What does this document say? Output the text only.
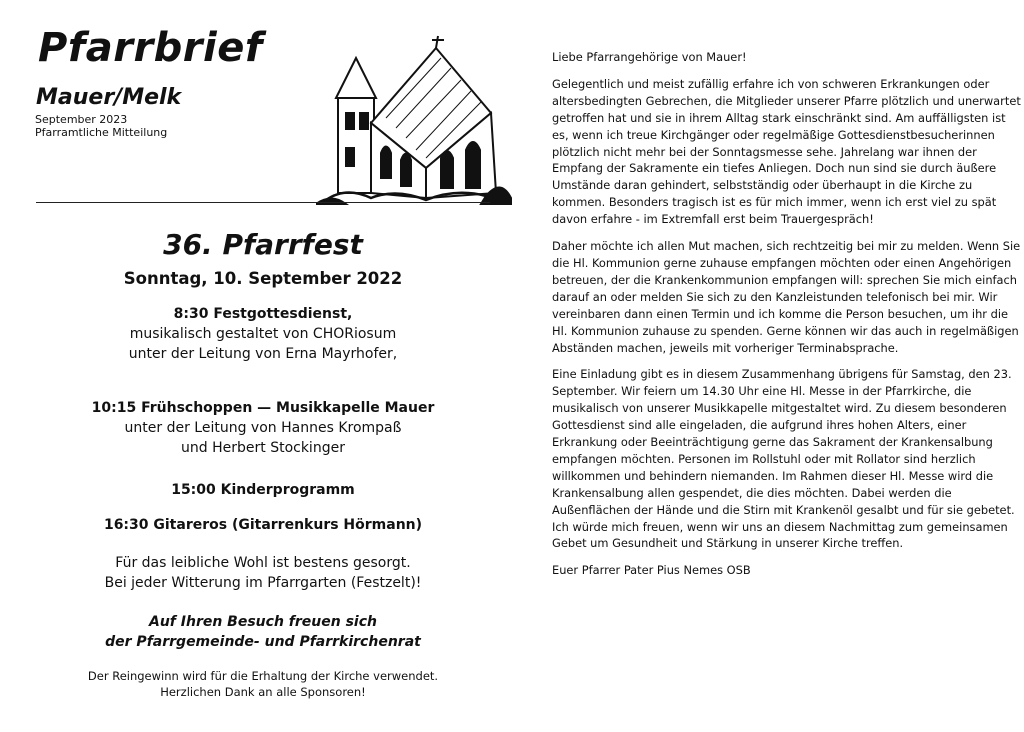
Pfarrbrief
Mauer/Melk
September 2023
Pfarramtliche Mitteilung
36. Pfarrfest
Sonntag, 10. September 2022
8:30 Festgottesdienst,
musikalisch gestaltet von CHORiosum
unter der Leitung von Erna Mayrhofer,
10:15 Frühschoppen — Musikkapelle Mauer
unter der Leitung von Hannes Krompaß
und Herbert Stockinger
15:00 Kinderprogramm
16:30 Gitareros (Gitarrenkurs Hörmann)
Für das leibliche Wohl ist bestens gesorgt.
Bei jeder Witterung im Pfarrgarten (Festzelt)!
Auf Ihren Besuch freuen sich
der Pfarrgemeinde- und Pfarrkirchenrat
Der Reingewinn wird für die Erhaltung der Kirche verwendet.
Herzlichen Dank an alle Sponsoren!

Liebe Pfarrangehörige von Mauer!

Gelegentlich und meist zufällig erfahre ich von schweren Erkrankungen oder altersbedingten Gebrechen, die Mitglieder unserer Pfarre plötzlich und unerwartet getroffen hat und sie in ihrem Alltag stark einschränkt sind. Am auffälligsten ist es, wenn ich treue Kirchgänger oder regelmäßige Gottesdienstbesucherinnen plötzlich nicht mehr bei der Sonntagsmesse sehe. Jahrelang war ihnen der Empfang der Sakramente ein tiefes Anliegen. Doch nun sind sie durch äußere Umstände daran gehindert, selbstständig oder überhaupt in die Kirche zu kommen. Besonders tragisch ist es für mich immer, wenn ich erst viel zu spät davon erfahre - im Extremfall erst beim Trauergespräch!

Daher möchte ich allen Mut machen, sich rechtzeitig bei mir zu melden. Wenn Sie die Hl. Kommunion gerne zuhause empfangen möchten oder einen Angehörigen betreuen, der die Krankenkommunion empfangen will: sprechen Sie mich einfach darauf an oder melden Sie sich zu den Kanzleistunden telefonisch bei mir. Wir vereinbaren dann einen Termin und ich komme die Person besuchen, um ihr die Hl. Kommunion zuhause zu spenden. Gerne können wir das auch in regelmäßigen Abständen machen, jeweils mit vorheriger Terminabsprache.

Eine Einladung gibt es in diesem Zusammenhang übrigens für Samstag, den 23. September. Wir feiern um 14.30 Uhr eine Hl. Messe in der Pfarrkirche, die musikalisch von unserer Musikkapelle mitgestaltet wird. Zu diesem besonderen Gottesdienst sind alle eingeladen, die aufgrund ihres hohen Alters, einer Erkrankung oder Beeinträchtigung gerne das Sakrament der Krankensalbung empfangen möchten. Personen im Rollstuhl oder mit Rollator sind herzlich willkommen und behindern niemanden. Im Rahmen dieser Hl. Messe wird die Krankensalbung allen gespendet, die dies möchten. Dabei werden die Außenflächen der Hände und die Stirn mit Krankenöl gesalbt und für sie gebetet. Ich würde mich freuen, wenn wir uns an diesem Nachmittag zum gemeinsamen Gebet um Gesundheit und Stärkung in unserer Kirche treffen.

Euer Pfarrer Pater Pius Nemes OSB
